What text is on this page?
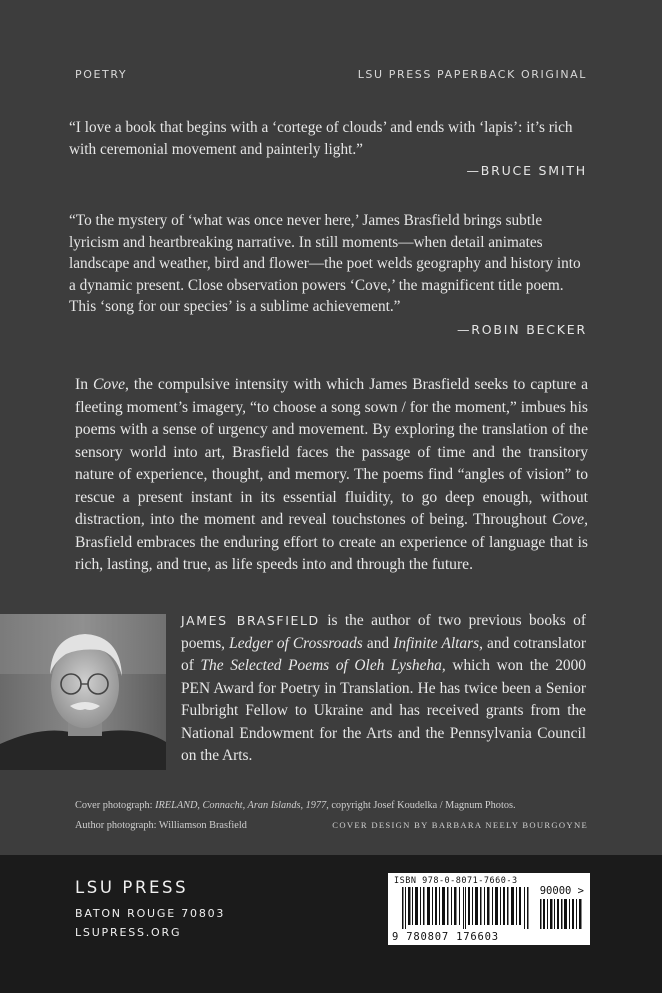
POETRY	LSU PRESS PAPERBACK ORIGINAL
“I love a book that begins with a ‘cortege of clouds’ and ends with ‘lapis’: it’s rich with ceremonial movement and painterly light.”
—BRUCE SMITH
“To the mystery of ‘what was once never here,’ James Brasfield brings subtle lyricism and heartbreaking narrative. In still moments—when detail animates landscape and weather, bird and flower—the poet welds geography and history into a dynamic present. Close observation powers ‘Cove,’ the magnificent title poem. This ‘song for our species’ is a sublime achievement.”
—ROBIN BECKER
In Cove, the compulsive intensity with which James Brasfield seeks to capture a fleeting moment’s imagery, “to choose a song sown / for the moment,” imbues his poems with a sense of urgency and movement. By exploring the translation of the sensory world into art, Brasfield faces the passage of time and the transitory nature of experience, thought, and memory. The poems find “angles of vision” to rescue a present instant in its essential fluidity, to go deep enough, without distraction, into the moment and reveal touchstones of being. Throughout Cove, Brasfield embraces the enduring effort to create an experience of language that is rich, lasting, and true, as life speeds into and through the future.
JAMES BRASFIELD is the author of two previous books of poems, Ledger of Crossroads and Infinite Altars, and cotranslator of The Selected Poems of Oleh Lysheha, which won the 2000 PEN Award for Poetry in Translation. He has twice been a Senior Fulbright Fellow to Ukraine and has received grants from the National Endowment for the Arts and the Pennsylvania Council on the Arts.
Cover photograph: IRELAND, Connacht, Aran Islands, 1977, copyright Josef Koudelka / Magnum Photos.
Author photograph: Williamson Brasfield	COVER DESIGN BY BARBARA NEELY BOURGOYNE
LSU PRESS
BATON ROUGE 70803
LSUPRESS.ORG
ISBN 978-0-8071-7660-3
90000 >
9 780807 176603
